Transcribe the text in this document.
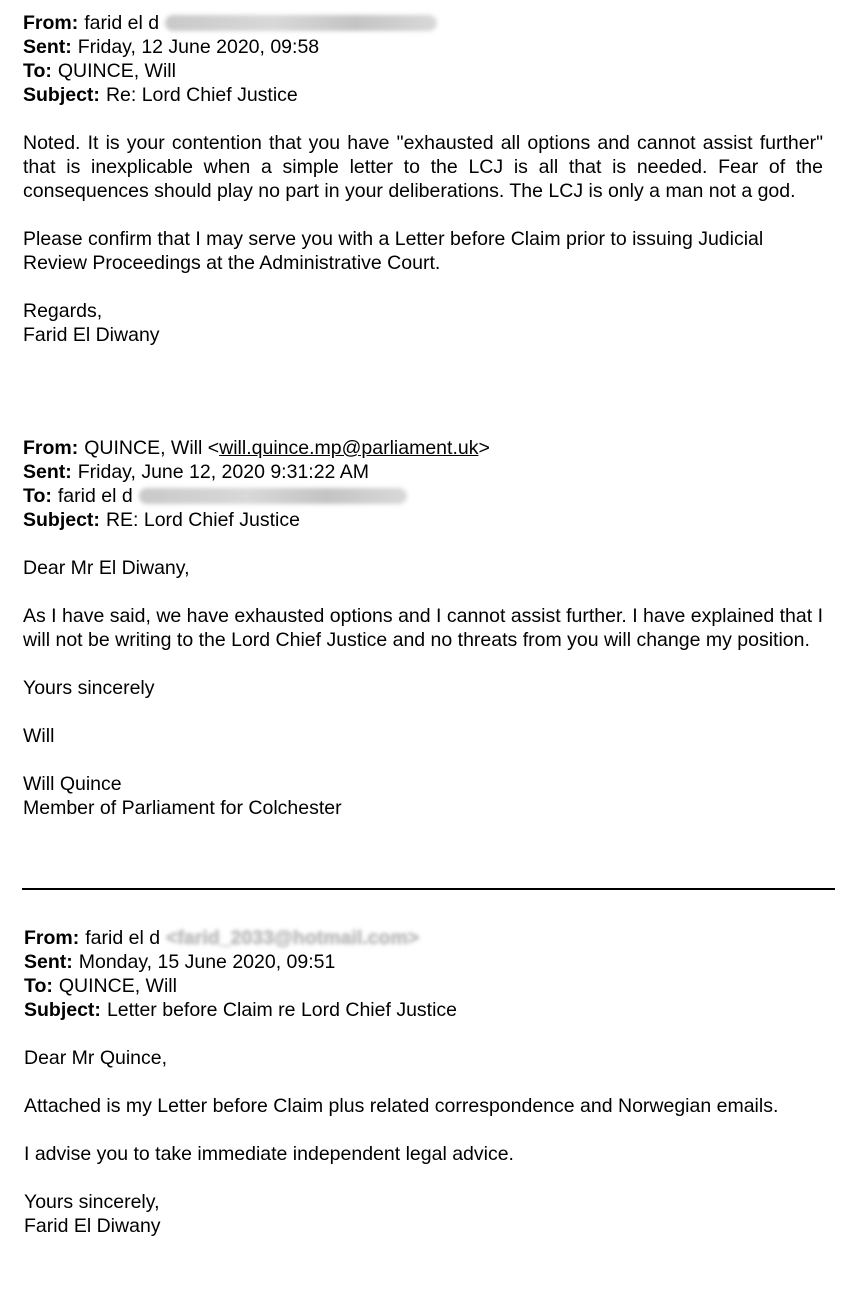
From: farid el d
Sent: Friday, 12 June 2020, 09:58
To: QUINCE, Will
Subject: Re: Lord Chief Justice

Noted. It is your contention that you have "exhausted all options and cannot assist further" that is inexplicable when a simple letter to the LCJ is all that is needed. Fear of the consequences should play no part in your deliberations. The LCJ is only a man not a god.

Please confirm that I may serve you with a Letter before Claim prior to issuing Judicial Review Proceedings at the Administrative Court.

Regards,

Farid El Diwany

From: QUINCE, Will < will.quince.mp@parliament.uk >
Sent: Friday, June 12, 2020 9:31:22 AM
To: farid el d
Subject: RE: Lord Chief Justice

Dear Mr El Diwany,

As I have said, we have exhausted options and I cannot assist further. I have explained that I will not be writing to the Lord Chief Justice and no threats from you will change my position.

Yours sincerely

Will

Will Quince

Member of Parliament for Colchester

From: farid el d <farid_2033@hotmail.com>
Sent: Monday, 15 June 2020, 09:51
To: QUINCE, Will
Subject: Letter before Claim re Lord Chief Justice

Dear Mr Quince,

Attached is my Letter before Claim plus related correspondence and Norwegian emails.

I advise you to take immediate independent legal advice.

Yours sincerely,

Farid El Diwany
